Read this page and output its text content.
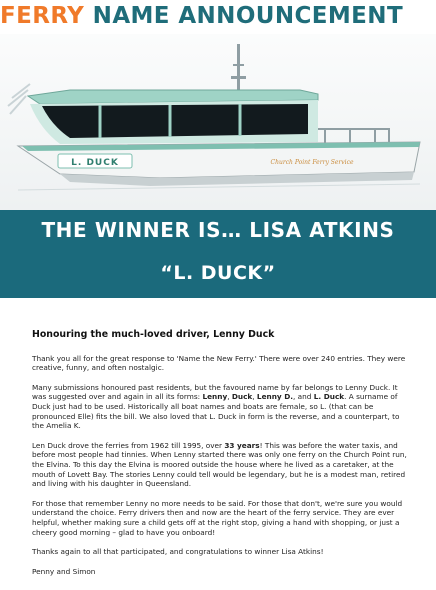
FERRY NAME ANNOUNCEMENT
L. DUCK	Church Point Ferry Service
THE WINNER IS… LISA ATKINS
“L. DUCK”
Honouring the much-loved driver, Lenny Duck

Thank you all for the great response to 'Name the New Ferry.' There were over 240 entries. They were creative, funny, and often nostalgic.

Many submissions honoured past residents, but the favoured name by far belongs to Lenny Duck. It was suggested over and again in all its forms: Lenny, Duck, Lenny D., and L. Duck. A surname of Duck just had to be used. Historically all boat names and boats are female, so L. (that can be pronounced Elle) fits the bill. We also loved that L. Duck in form is the reverse, and a counterpart, to the Amelia K.

Len Duck drove the ferries from 1962 till 1995, over 33 years! This was before the water taxis, and before most people had tinnies. When Lenny started there was only one ferry on the Church Point run, the Elvina. To this day the Elvina is moored outside the house where he lived as a caretaker, at the mouth of Lovett Bay. The stories Lenny could tell would be legendary, but he is a modest man, retired and living with his daughter in Queensland.

For those that remember Lenny no more needs to be said. For those that don't, we're sure you would understand the choice. Ferry drivers then and now are the heart of the ferry service. They are ever helpful, whether making sure a child gets off at the right stop, giving a hand with shopping, or just a cheery good morning – glad to have you onboard!

Thanks again to all that participated, and congratulations to winner Lisa Atkins!

Penny and Simon
